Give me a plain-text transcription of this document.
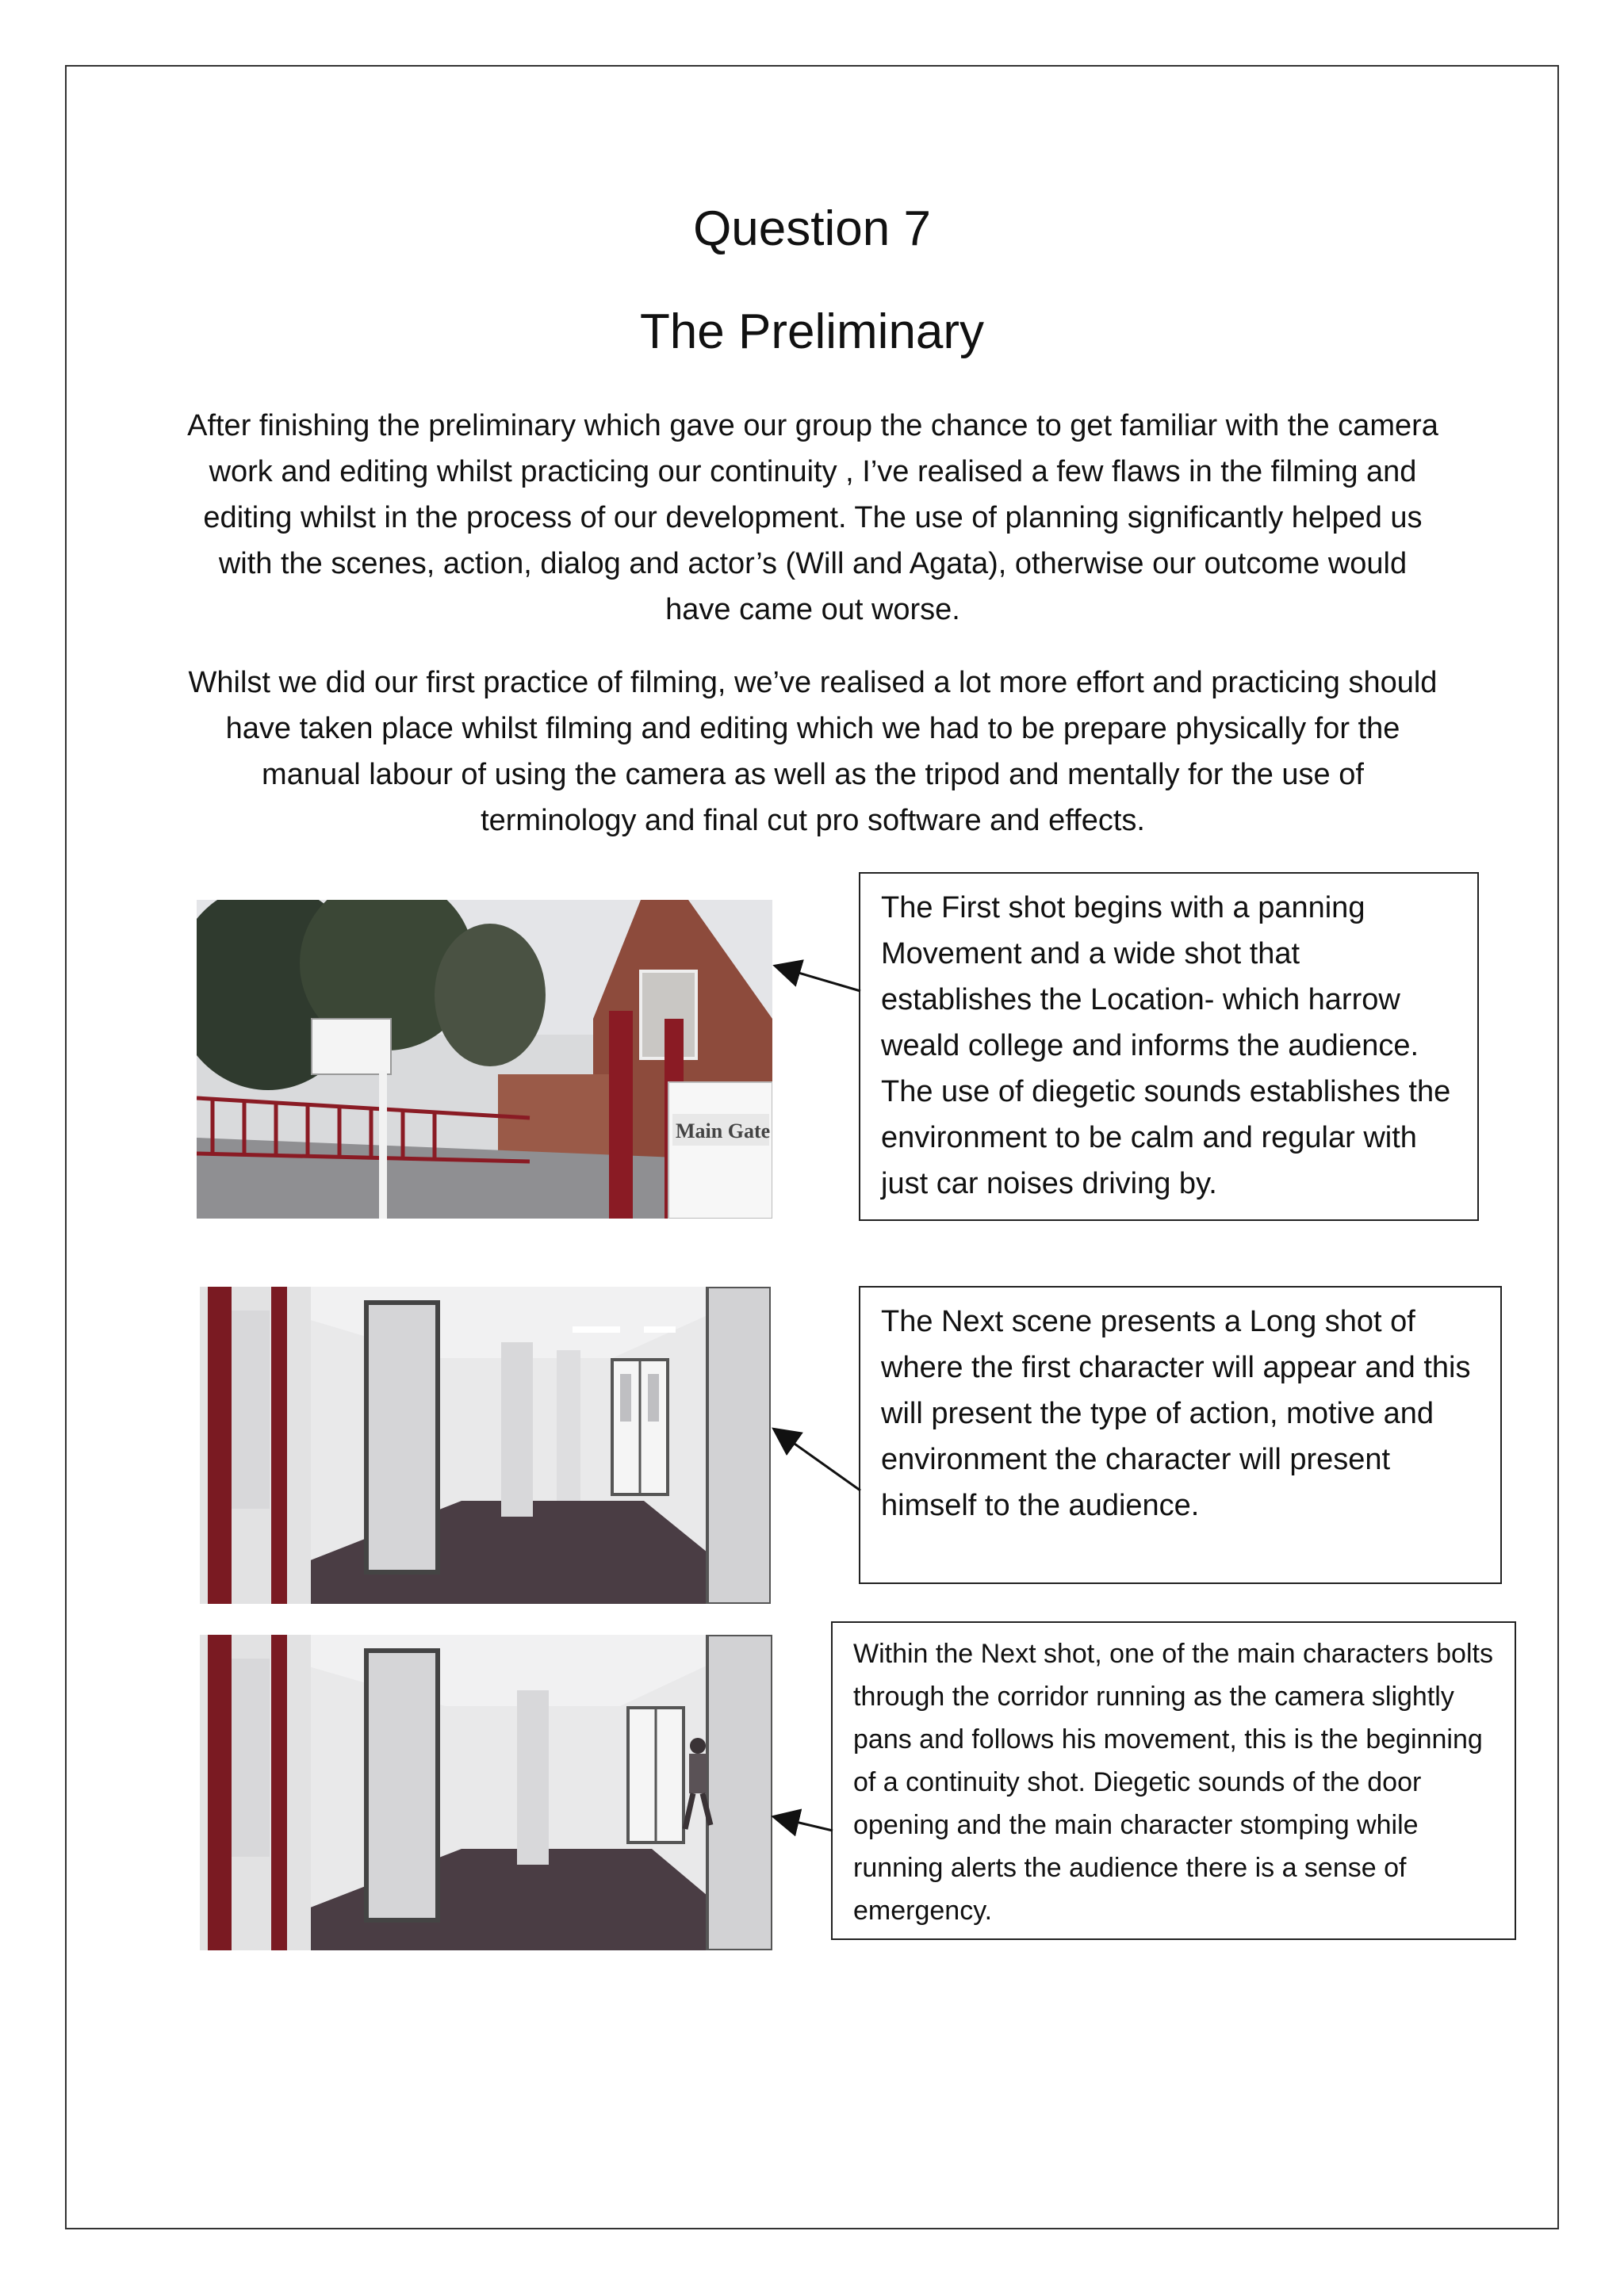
Question 7
The Preliminary

After finishing the preliminary which gave our group the chance to get familiar with the camera work and editing whilst practicing our continuity , I’ve realised a few flaws in the filming and editing whilst in the process of our development. The use of planning significantly helped us with the scenes, action, dialog and actor’s (Will and Agata), otherwise our outcome would have came out worse.

Whilst we did our first practice of filming, we’ve realised a lot more effort and practicing should have taken place whilst filming and editing which we had to be prepare physically for the manual labour of using the camera as well as the tripod and mentally for the use of terminology and final cut pro software and effects.

Main Gate

The First shot begins with a panning Movement and a wide shot that establishes the Location- which harrow weald college and informs the audience. The use of diegetic sounds establishes the environment to be calm and regular with just car noises driving by.

The Next scene presents a Long shot of where the first character will appear and this will present the type of action, motive and environment the character will present himself to the audience.

Within the Next shot, one of the main characters bolts through the corridor running as the camera slightly pans and follows his movement, this is the beginning of a continuity shot. Diegetic sounds of the door opening and the main character stomping while running alerts the audience there is a sense of emergency.
